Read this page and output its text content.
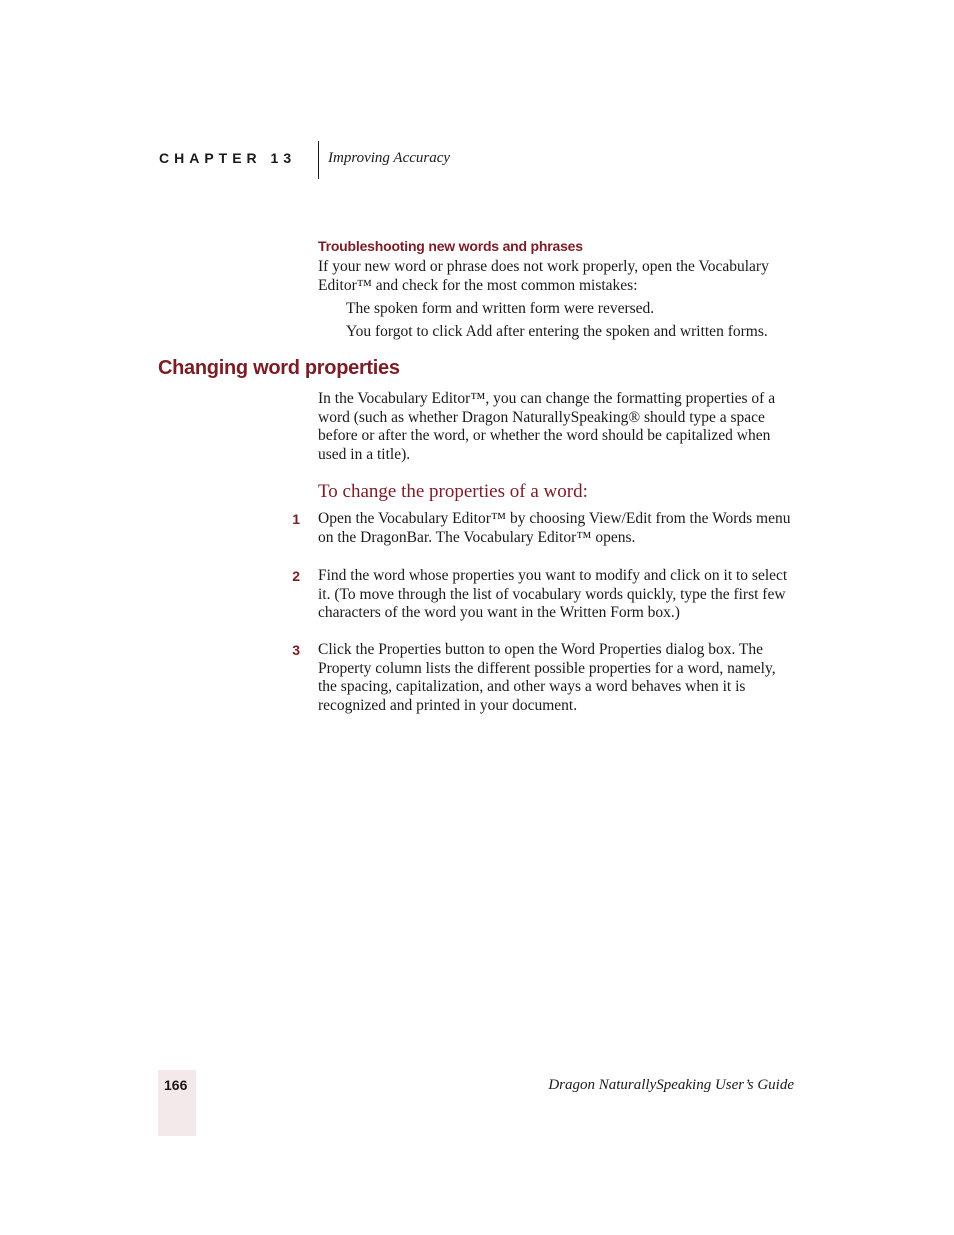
CHAPTER 13 Improving Accuracy
Troubleshooting new words and phrases
If your new word or phrase does not work properly, open the Vocabulary Editor™ and check for the most common mistakes:
The spoken form and written form were reversed.
You forgot to click Add after entering the spoken and written forms.
Changing word properties
In the Vocabulary Editor™, you can change the formatting properties of a word (such as whether Dragon NaturallySpeaking® should type a space before or after the word, or whether the word should be capitalized when used in a title).
To change the properties of a word:
1 Open the Vocabulary Editor™ by choosing View/Edit from the Words menu on the DragonBar. The Vocabulary Editor™ opens.
2 Find the word whose properties you want to modify and click on it to select it. (To move through the list of vocabulary words quickly, type the first few characters of the word you want in the Written Form box.)
3 Click the Properties button to open the Word Properties dialog box. The Property column lists the different possible properties for a word, namely, the spacing, capitalization, and other ways a word behaves when it is recognized and printed in your document.
166	Dragon NaturallySpeaking User’s Guide
